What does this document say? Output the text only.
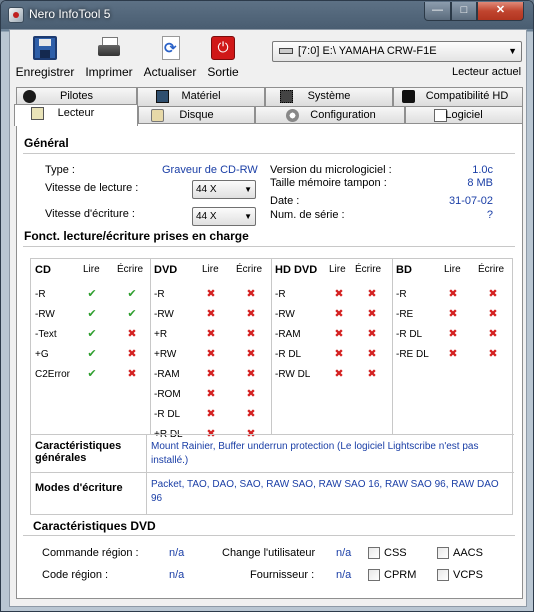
Nero InfoTool 5	—	□	✕
Enregistrer Imprimer
⟳ Actualiser
⏻
Sortie
[7:0] E:\ YAMAHA CRW-F1E	▼
Lecteur actuel
Pilotes	Matériel	Système	Compatibilité HD
Lecteur	Disque	Configuration	Logiciel
Général
Type :	Graveur de CD-RW
Vitesse de lecture :	44 X	▼
Vitesse d'écriture :	44 X	▼
Version du micrologiciel :	1.0c
Taille mémoire tampon :	8 MB
Date :	31-07-02
Num. de série :	?
Fonct. lecture/écriture prises en charge
CD	Lire Écrire
-R	✔	✔
-RW	✔	✔
-Text	✔	✖
+G	✔	✖
C2Error ✔	✖
DVD Lire Écrire
-R	✖	✖
-RW	✖	✖
+R	✖	✖
+RW	✖	✖
-RAM ✖	✖
-ROM ✖	✖
-R DL ✖	✖
+R DL ✖	✖
HD DVD Lire Écrire
-R	✖ ✖
-RW	✖ ✖
-RAM	✖ ✖
-R DL	✖ ✖
-RW DL ✖ ✖
BD	Lire Écrire
-R	✖	✖
-RE	✖	✖
-R DL ✖	✖
-RE DL ✖	✖
Caractéristiques générales
Mount Rainier, Buffer underrun protection (Le logiciel Lightscribe n'est pas installé.)
Modes d'écriture	Packet, TAO, DAO, SAO, RAW SAO, RAW SAO 16, RAW SAO 96, RAW DAO 96
Caractéristiques DVD
Commande région :	n/a
Code région :	n/a
Change l'utilisateur n/a
Fournisseur : n/a
CSS	AACS
CPRM	VCPS
